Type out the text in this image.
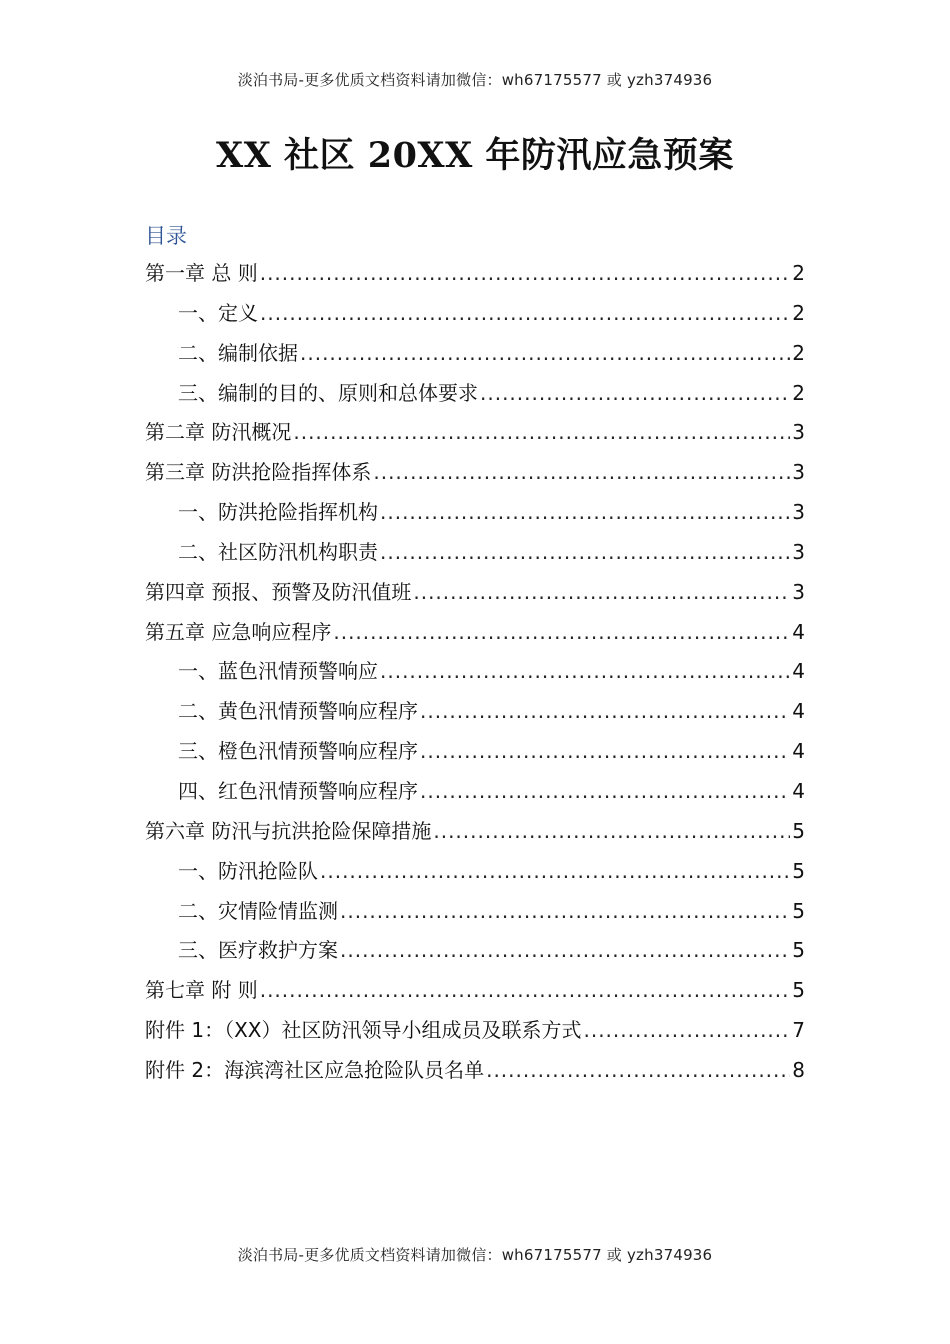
淡泊书局-更多优质文档资料请加微信：wh67175577 或 yzh374936
XX 社区 20XX 年防汛应急预案
目录
第一章 总 则 .....	2
一、定义 .....	2
二、编制依据 .....	2
三、编制的目的、原则和总体要求 .....	2
第二章 防汛概况 .....	3
第三章 防洪抢险指挥体系 .....	3
一、防洪抢险指挥机构 .....	3
二、社区防汛机构职责 .....	3
第四章 预报、预警及防汛值班 .....	3
第五章 应急响应程序 .....	4
一、蓝色汛情预警响应 .....	4
二、黄色汛情预警响应程序 .....	4
三、橙色汛情预警响应程序 .....	4
四、红色汛情预警响应程序 .....	4
第六章 防汛与抗洪抢险保障措施 .....	5
一、防汛抢险队 .....	5
二、灾情险情监测 .....	5
三、医疗救护方案 .....	5
第七章 附 则 .....	5
附件 1：（XX）社区防汛领导小组成员及联系方式 .....	7
附件 2：海滨湾社区应急抢险队员名单 .....	8
淡泊书局-更多优质文档资料请加微信：wh67175577 或 yzh374936
